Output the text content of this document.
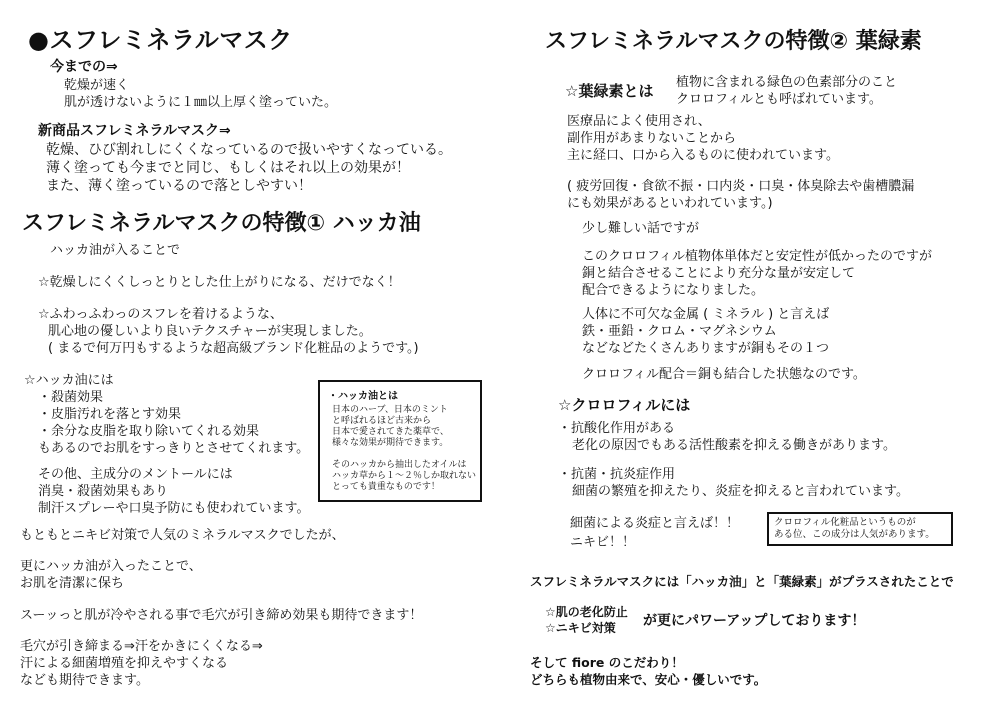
●スフレミネラルマスク
今までの⇒
乾燥が速く
肌が透けないように１㎜以上厚く塗っていた。
新商品スフレミネラルマスク⇒
乾燥、ひび割れしにくくなっているので扱いやすくなっている。
薄く塗っても今までと同じ、もしくはそれ以上の効果が！
また、薄く塗っているので落としやすい！
スフレミネラルマスクの特徴① ハッカ油
ハッカ油が入ることで
☆乾燥しにくくしっとりとした仕上がりになる、だけでなく！
☆ふわっふわっのスフレを着けるような、
肌心地の優しいより良いテクスチャーが実現しました。
( まるで何万円もするような超高級ブランド化粧品のようです。)
☆ハッカ油には
・殺菌効果
・皮脂汚れを落とす効果
・余分な皮脂を取り除いてくれる効果
もあるのでお肌をすっきりとさせてくれます。
その他、主成分のメントールには
消臭・殺菌効果もあり
制汗スプレーや口臭予防にも使われています。
・ハッカ油とは
日本のハーブ、日本のミント
と呼ばれるほど古来から
日本で愛されてきた薬草で、
様々な効果が期待できます。
そのハッカから抽出したオイルは
ハッカ草から１～２％しか取れない
とっても貴重なものです！
もともとニキビ対策で人気のミネラルマスクでしたが、
更にハッカ油が入ったことで、
お肌を清潔に保ち
スーッっと肌が冷やされる事で毛穴が引き締め効果も期待できます！
毛穴が引き締まる⇒汗をかきにくくなる⇒
汗による細菌増殖を抑えやすくなる
なども期待できます。
スフレミネラルマスクの特徴② 葉緑素
☆葉緑素とは 植物に含まれる緑色の色素部分のこと
クロロフィルとも呼ばれています。
医療品によく使用され、
副作用があまりないことから
主に経口、口から入るものに使われています。
( 疲労回復・食欲不振・口内炎・口臭・体臭除去や歯槽膿漏
にも効果があるといわれています。)
少し難しい話ですが
このクロロフィル植物体単体だと安定性が低かったのですが
銅と結合させることにより充分な量が安定して
配合できるようになりました。
人体に不可欠な金属 ( ミネラル ) と言えば
鉄・亜鉛・クロム・マグネシウム
などなどたくさんありますが銅もその１つ
クロロフィル配合＝銅も結合した状態なのです。
☆クロロフィルには
・抗酸化作用がある
老化の原因でもある活性酸素を抑える働きがあります。
・抗菌・抗炎症作用
細菌の繁殖を抑えたり、炎症を抑えると言われています。
細菌による炎症と言えば！！
ニキビ！！
クロロフィル化粧品というものが
ある位、この成分は人気があります。
スフレミネラルマスクには「ハッカ油」と「葉緑素」がプラスされたことで
☆肌の老化防止
☆ニキビ対策	が更にパワーアップしております！
そして fiore のこだわり！
どちらも植物由来で、安心・優しいです。
